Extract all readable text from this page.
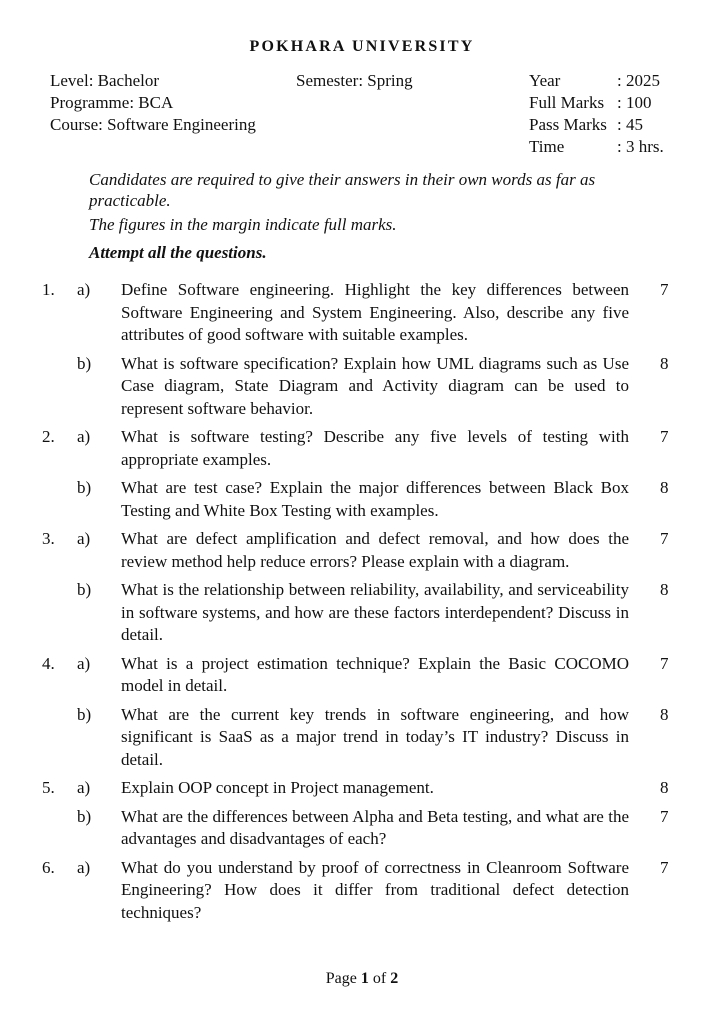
POKHARA UNIVERSITY
Level: Bachelor
Programme: BCA
Course: Software Engineering
Semester: Spring	Year	: 2025
Full Marks : 100
Pass Marks : 45
Time	: 3 hrs.
Candidates are required to give their answers in their own words as far as practicable.
The figures in the margin indicate full marks.
Attempt all the questions.
1. a) Define Software engineering. Highlight the key differences between Software Engineering and System Engineering. Also, describe any five attributes of good software with suitable examples.
7
b) What is software specification? Explain how UML diagrams such as Use Case diagram, State Diagram and Activity diagram can be used to represent software behavior.
8
2. a) What is software testing? Describe any five levels of testing with appropriate examples.
7
b) What are test case? Explain the major differences between Black Box Testing and White Box Testing with examples.
8
3. a) What are defect amplification and defect removal, and how does the review method help reduce errors? Please explain with a diagram.
7
b) What is the relationship between reliability, availability, and serviceability in software systems, and how are these factors interdependent? Discuss in detail.
8
4. a) What is a project estimation technique? Explain the Basic COCOMO model in detail.
7
b) What are the current key trends in software engineering, and how significant is SaaS as a major trend in today’s IT industry? Discuss in detail.
8
5. a) Explain OOP concept in Project management.	8
b) What are the differences between Alpha and Beta testing, and what are the advantages and disadvantages of each?
7
6. a) What do you understand by proof of correctness in Cleanroom Software Engineering? How does it differ from traditional defect detection techniques?
7
Page 1 of 2
